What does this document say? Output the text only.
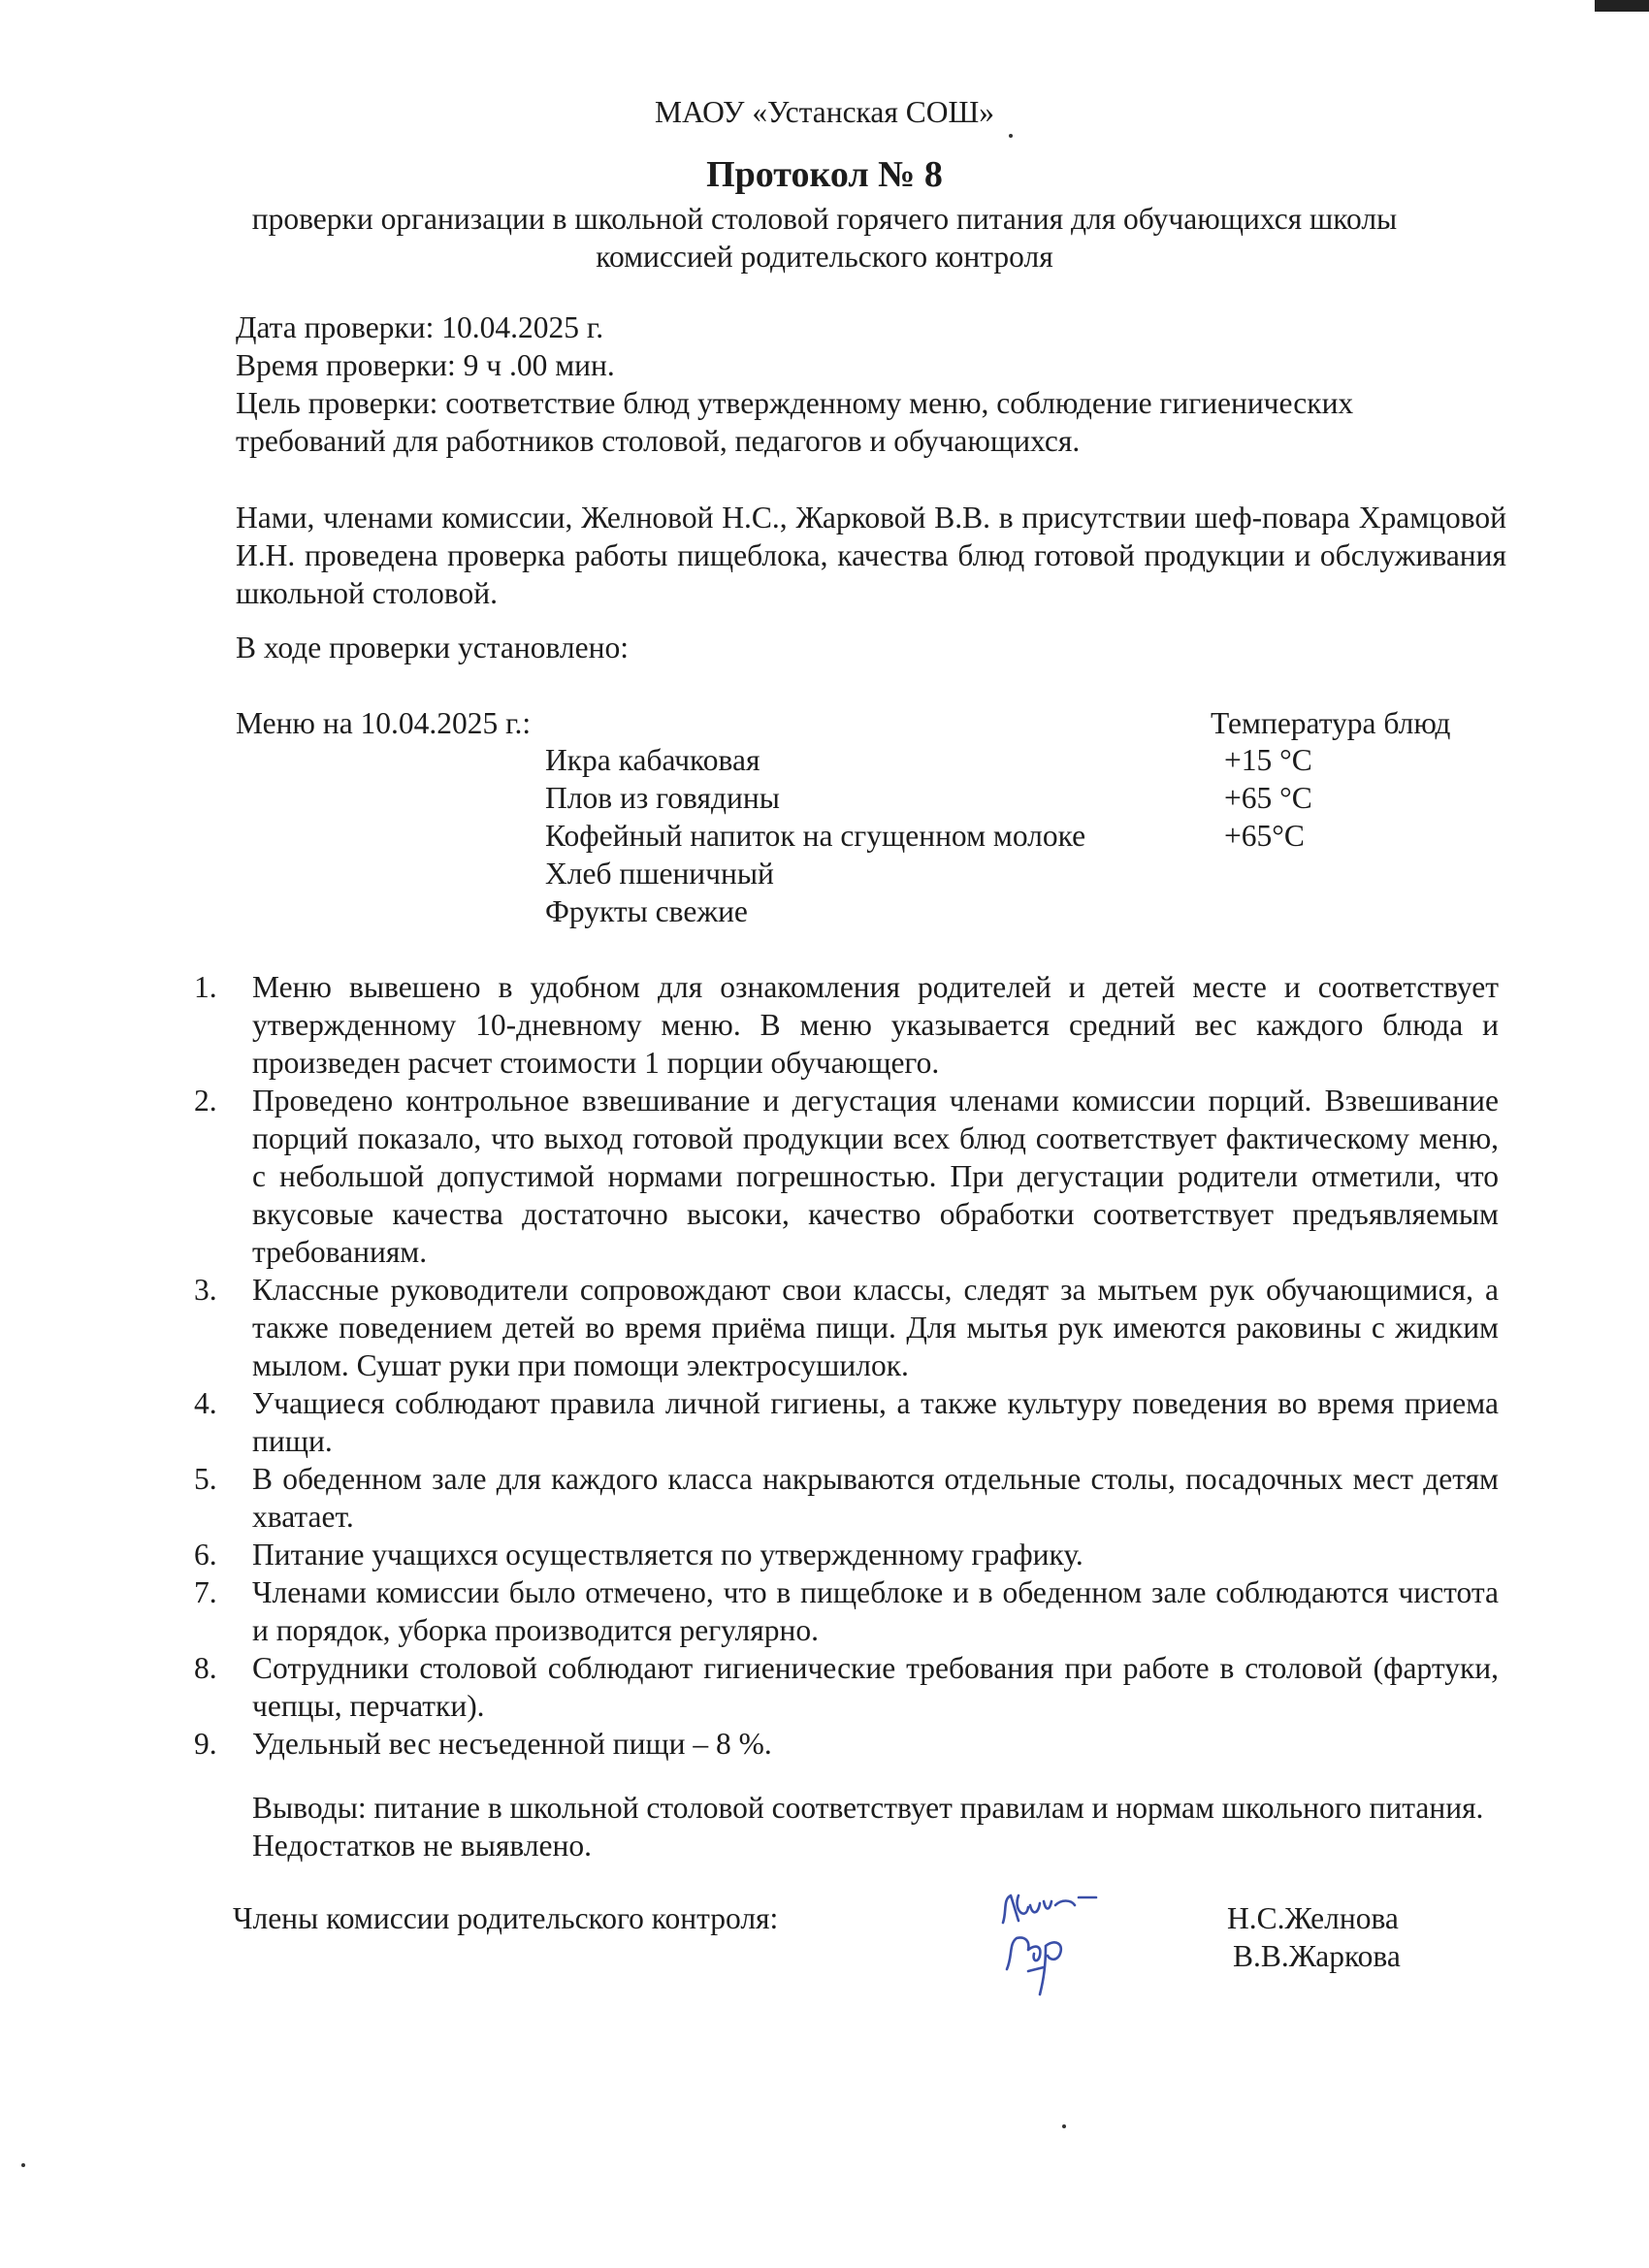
МАОУ «Устанская СОШ»
Протокол № 8
проверки организации в школьной столовой горячего питания для обучающихся школы
комиссией родительского контроля
Дата проверки: 10.04.2025 г.
Время проверки: 9 ч .00 мин.
Цель проверки: соответствие блюд утвержденному меню, соблюдение гигиенических требований для работников столовой, педагогов и обучающихся.
Нами, членами комиссии, Желновой Н.С., Жарковой В.В. в присутствии шеф-повара Храмцовой И.Н. проведена проверка работы пищеблока, качества блюд готовой продукции и обслуживания школьной столовой.
В ходе проверки установлено:
Меню на 10.04.2025 г.:	Температура блюд
Икра кабачковая	+15 °С
Плов из говядины	+65 °С
Кофейный напиток на сгущенном молоке	+65°С
Хлеб пшеничный
Фрукты свежие
1. Меню вывешено в удобном для ознакомления родителей и детей месте и соответствует утвержденному 10-дневному меню. В меню указывается средний вес каждого блюда и произведен расчет стоимости 1 порции обучающего.
2. Проведено контрольное взвешивание и дегустация членами комиссии порций. Взвешивание порций показало, что выход готовой продукции всех блюд соответствует фактическому меню, с небольшой допустимой нормами погрешностью. При дегустации родители отметили, что вкусовые качества достаточно высоки, качество обработки соответствует предъявляемым требованиям.
3. Классные руководители сопровождают свои классы, следят за мытьем рук обучающимися, а также поведением детей во время приёма пищи. Для мытья рук имеются раковины с жидким мылом. Сушат руки при помощи электросушилок.
4. Учащиеся соблюдают правила личной гигиены, а также культуру поведения во время приема пищи.
5. В обеденном зале для каждого класса накрываются отдельные столы, посадочных мест детям хватает.
6. Питание учащихся осуществляется по утвержденному графику.
7. Членами комиссии было отмечено, что в пищеблоке и в обеденном зале соблюдаются чистота и порядок, уборка производится регулярно.
8. Сотрудники столовой соблюдают гигиенические требования при работе в столовой (фартуки, чепцы, перчатки).
9. Удельный вес несъеденной пищи – 8 %.
Выводы: питание в школьной столовой соответствует правилам и нормам школьного питания. Недостатков не выявлено.
Члены комиссии родительского контроля:	Н.С.Желнова
В.В.Жаркова
